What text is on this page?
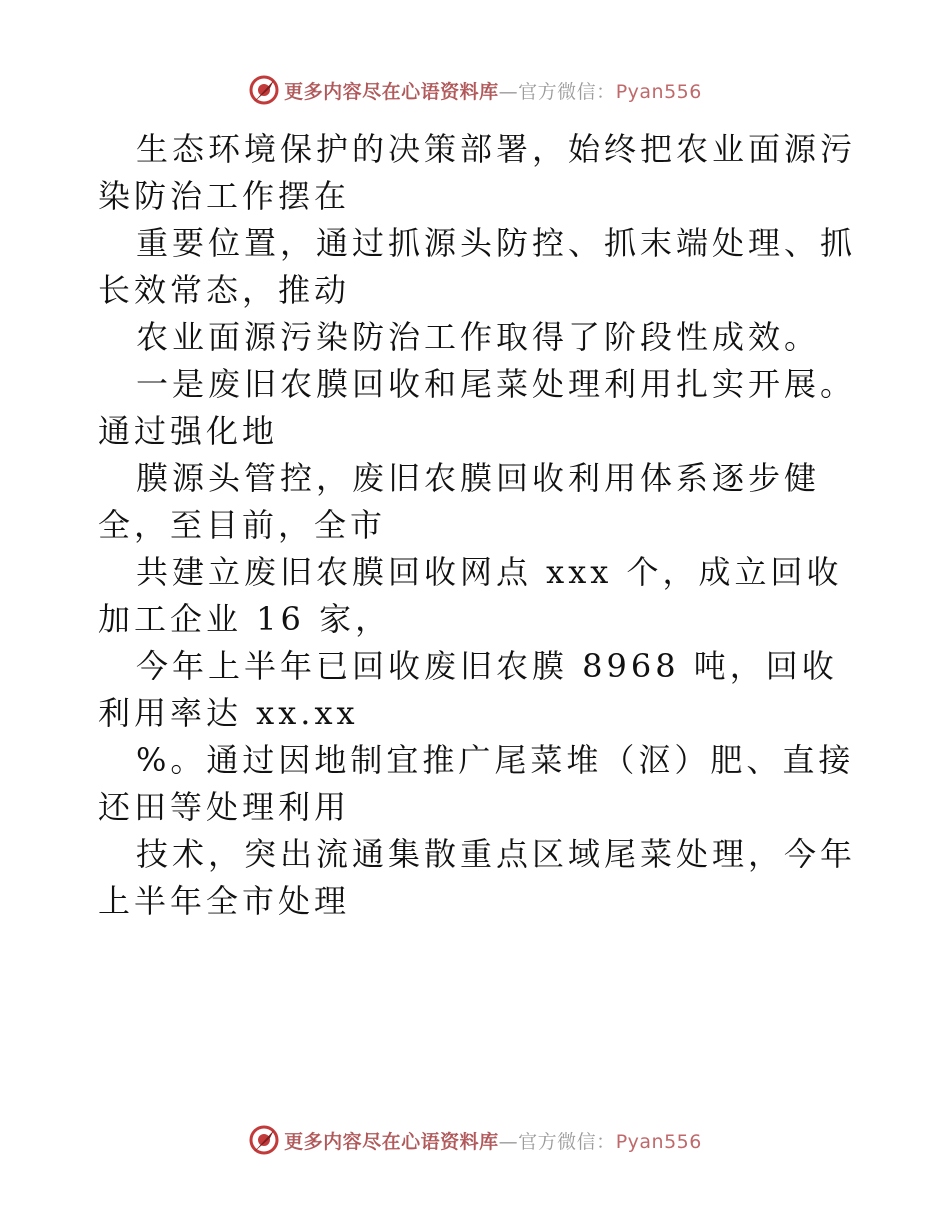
更多内容尽在心语资料库—官方微信：Pyan556

生态环境保护的决策部署，始终把农业面源污染防治工作摆在

重要位置，通过抓源头防控、抓末端处理、抓长效常态，推动

农业面源污染防治工作取得了阶段性成效。

一是废旧农膜回收和尾菜处理利用扎实开展。通过强化地

膜源头管控，废旧农膜回收利用体系逐步健全，至目前，全市

共建立废旧农膜回收网点 xxx 个，成立回收加工企业 16 家，

今年上半年已回收废旧农膜 8968 吨，回收利用率达 xx.xx

%。通过因地制宜推广尾菜堆（沤）肥、直接还田等处理利用

技术，突出流通集散重点区域尾菜处理，今年上半年全市处理

更多内容尽在心语资料库—官方微信：Pyan556
